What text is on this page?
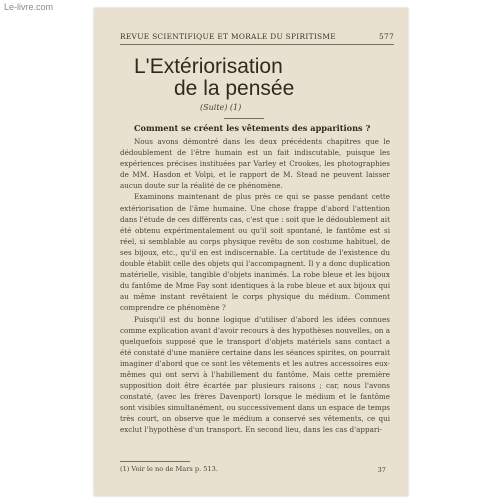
Le-livre.com
REVUE SCIENTIFIQUE ET MORALE DU SPIRITISME	577
L'Extériorisation
de la pensée
(Suite) (1)
Comment se créent les vêtements des apparitions ?

Nous avons démontré dans les deux précédents chapitres que le dédoublement de l'être humain est un fait indiscutable, puisque les expériences précises instituées par Varley et Crookes, les photographies de MM. Hasdon et Volpi, et le rapport de M. Stead ne peuvent laisser aucun doute sur la réalité de ce phénomène.

Examinons maintenant de plus près ce qui se passe pendant cette extériorisation de l'âme humaine. Une chose frappe d'abord l'attention dans l'étude de ces différents cas, c'est que : soit que le dédoublement ait été obtenu expérimentalement ou qu'il soit spontané, le fantôme est si réel, si semblable au corps physique revêtu de son costume habituel, de ses bijoux, etc., qu'il en est indiscernable. La certitude de l'existence du double établit celle des objets qui l'accompagnent. Il y a donc duplication matérielle, visible, tangible d'objets inanimés. La robe bleue et les bijoux du fantôme de Mme Fay sont identiques à la robe bleue et aux bijoux qui au même instant revêtaient le corps physique du médium. Comment comprendre ce phénomène ?

Puisqu'il est du bonne logique d'utiliser d'abord les idées connues comme explication avant d'avoir recours à des hypothèses nouvelles, on a quelquefois supposé que le transport d'objets matériels sans contact a été constaté d'une manière certaine dans les séances spirites, on pourrait imaginer d'abord que ce sont les vêtements et les autres accessoires eux-mêmes qui ont servi à l'habillement du fantôme. Mais cette première supposition doit être écartée par plusieurs raisons ; car, nous l'avons constaté, (avec les frères Davenport) lorsque le médium et le fantôme sont visibles simultanément, ou successivement dans un espace de temps très court, on observe que le médium a conservé ses vêtements, ce qui exclut l'hypothèse d'un transport. En second lieu, dans les cas d'appari-

(1) Voir le no de Mars p. 513.	37
